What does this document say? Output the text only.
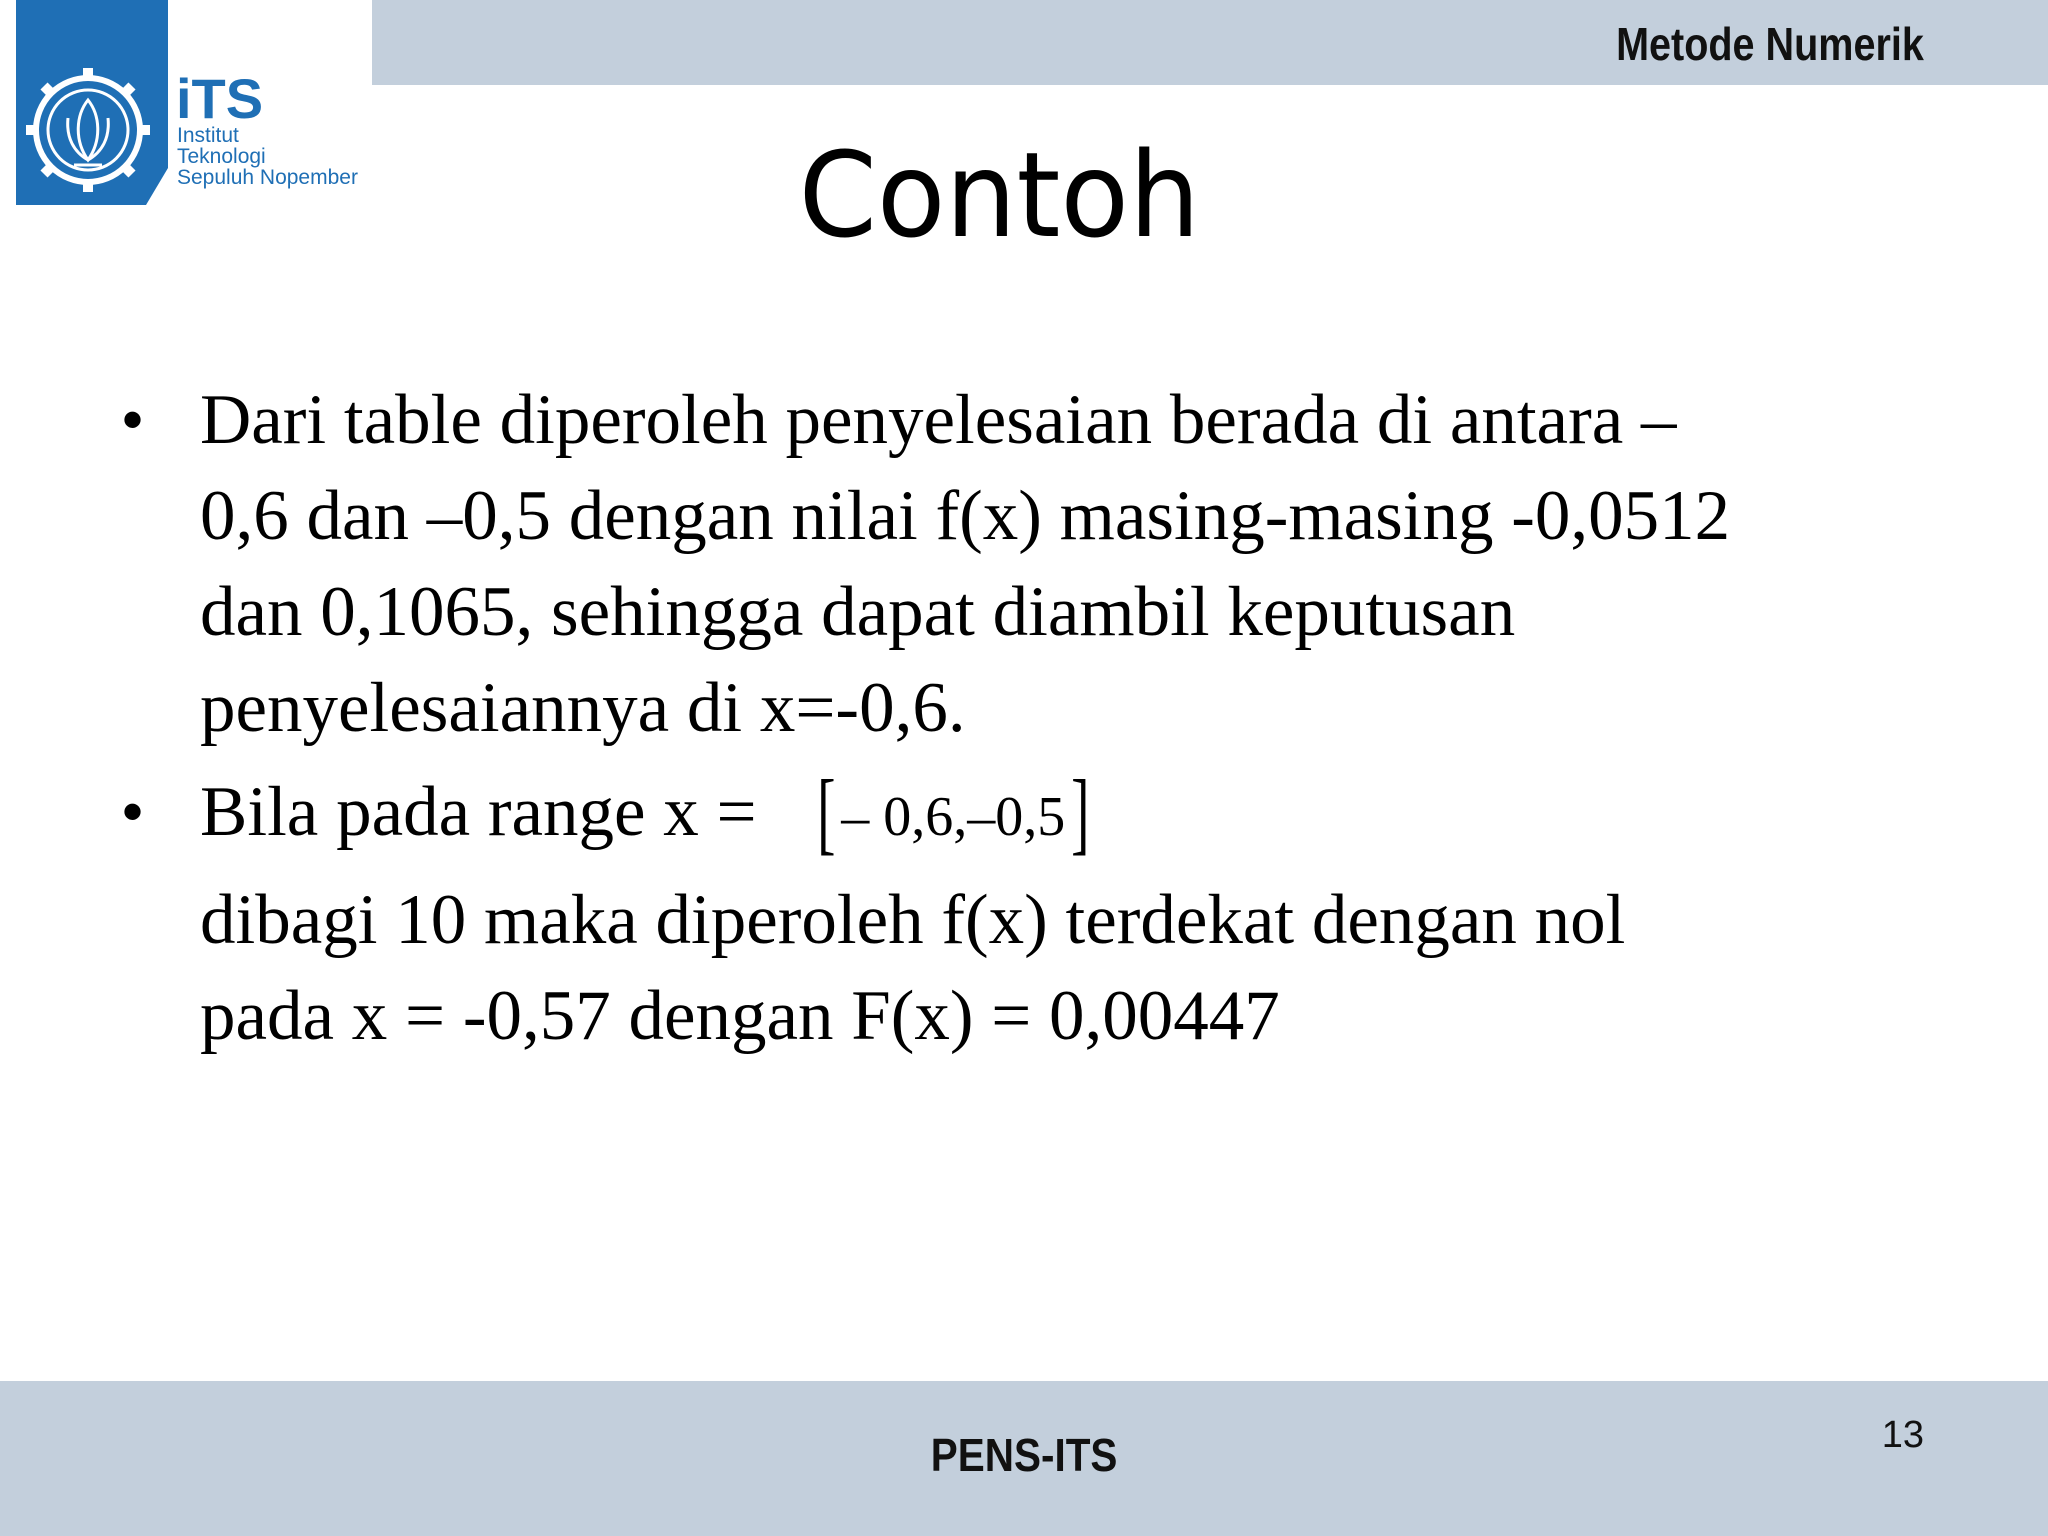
Metode Numerik
iTS
Institut
Teknologi
Sepuluh Nopember	Contoh
• Dari table diperoleh penyelesaian berada di antara –
0,6 dan –0,5 dengan nilai f(x) masing-masing -0,0512
dan 0,1065, sehingga dapat diambil keputusan
penyelesaiannya di x=-0,6.
• Bila pada range x = [ – 0,6,–0,5]
dibagi 10 maka diperoleh f(x) terdekat dengan nol
pada x = -0,57 dengan F(x) = 0,00447
PENS-ITS	13
